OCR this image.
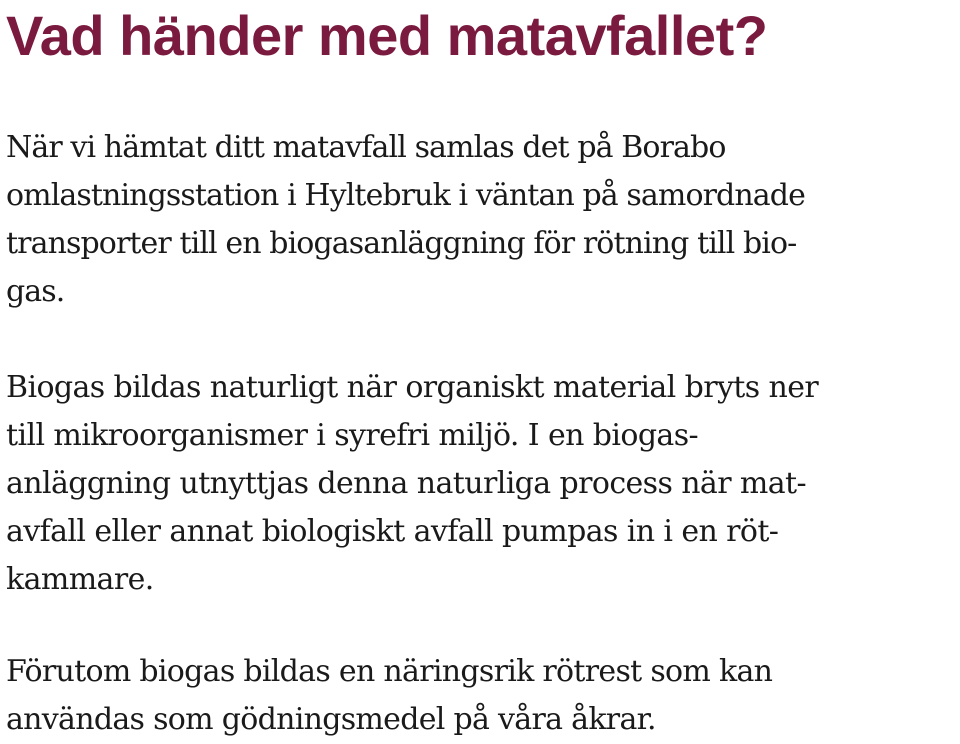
Vad händer med matavfallet?

När vi hämtat ditt matavfall samlas det på Borabo
omlastningsstation i Hyltebruk i väntan på samordnade
transporter till en biogasanläggning för rötning till bio-
gas.

Biogas bildas naturligt när organiskt material bryts ner
till mikroorganismer i syrefri miljö. I en biogas-
anläggning utnyttjas denna naturliga process när mat-
avfall eller annat biologiskt avfall pumpas in i en röt-
kammare.

Förutom biogas bildas en näringsrik rötrest som kan
användas som gödningsmedel på våra åkrar.
